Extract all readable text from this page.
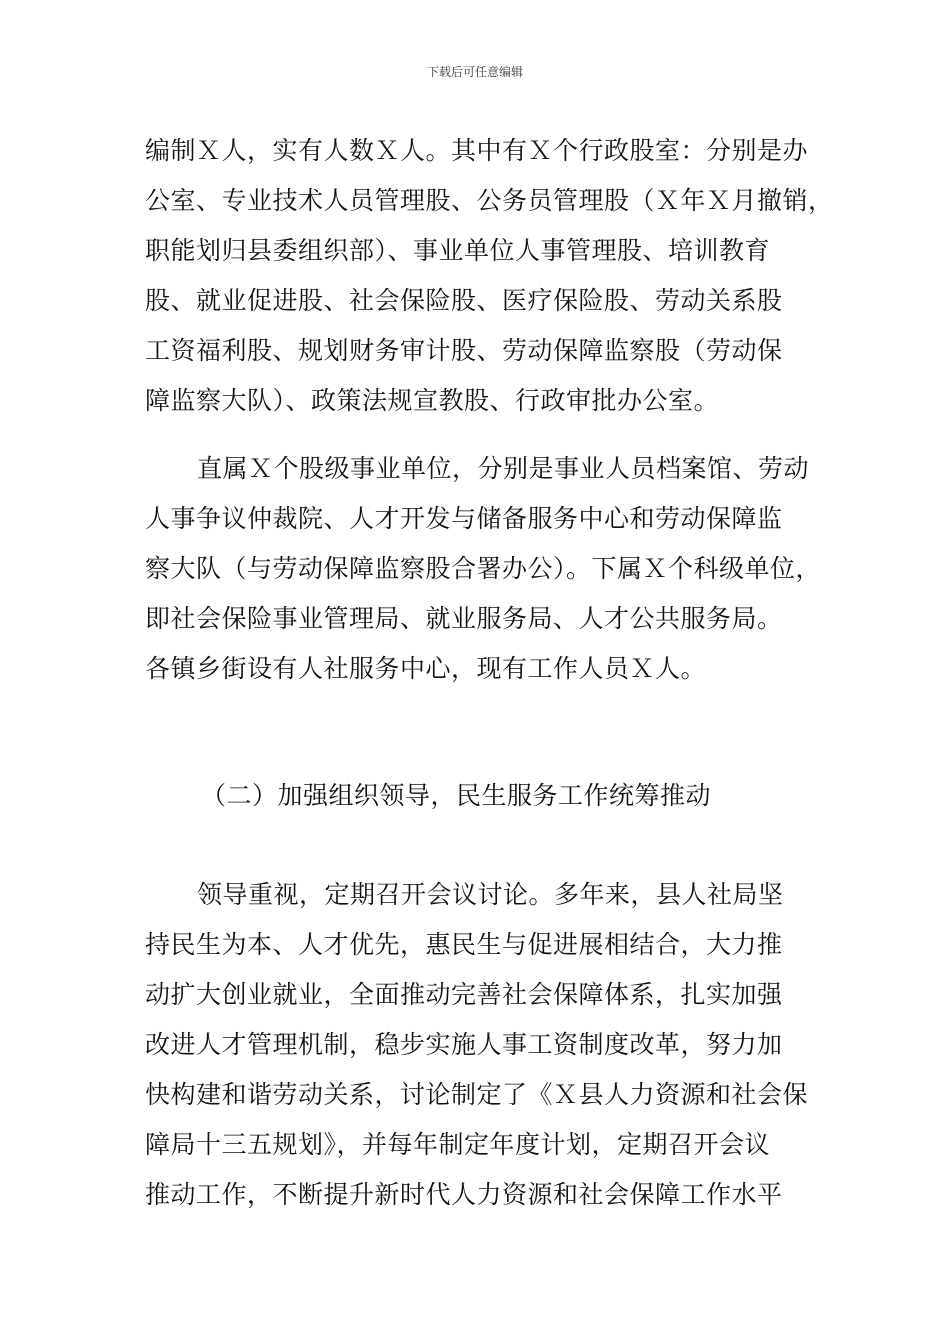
下载后可任意编辑
编制Ｘ人，实有人数Ｘ人。其中有Ｘ个行政股室：分别是办
公室、专业技术人员管理股、公务员管理股（Ｘ年Ｘ月撤销，
职能划归县委组织部）、事业单位人事管理股、培训教育
股、就业促进股、社会保险股、医疗保险股、劳动关系股
工资福利股、规划财务审计股、劳动保障监察股（劳动保
障监察大队）、政策法规宣教股、行政审批办公室。
直属Ｘ个股级事业单位，分别是事业人员档案馆、劳动
人事争议仲裁院、人才开发与储备服务中心和劳动保障监
察大队（与劳动保障监察股合署办公）。下属Ｘ个科级单位，
即社会保险事业管理局、就业服务局、人才公共服务局。
各镇乡街设有人社服务中心，现有工作人员Ｘ人。
（二）加强组织领导，民生服务工作统筹推动
领导重视，定期召开会议讨论。多年来，县人社局坚
持民生为本、人才优先，惠民生与促进展相结合，大力推
动扩大创业就业，全面推动完善社会保障体系，扎实加强
改进人才管理机制，稳步实施人事工资制度改革，努力加
快构建和谐劳动关系，讨论制定了《Ｘ县人力资源和社会保
障局十三五规划》，并每年制定年度计划，定期召开会议
推动工作，不断提升新时代人力资源和社会保障工作水平
